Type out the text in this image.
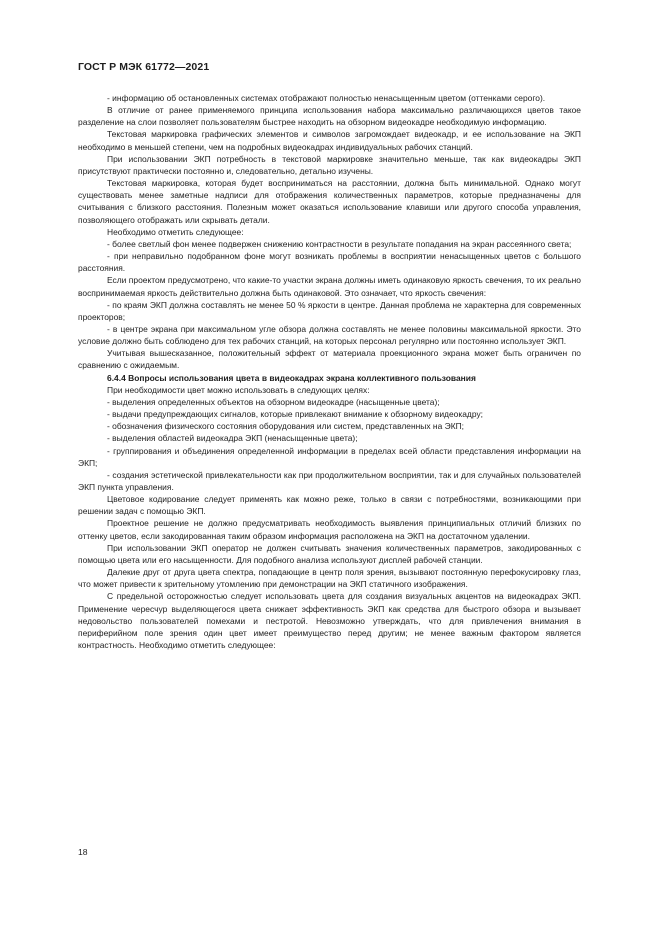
ГОСТ Р МЭК 61772—2021

- информацию об остановленных системах отображают полностью ненасыщенным цветом (оттенками серого).

В отличие от ранее применяемого принципа использования набора максимально различающихся цветов такое разделение на слои позволяет пользователям быстрее находить на обзорном видеокадре необходимую информацию.

Текстовая маркировка графических элементов и символов загромождает видеокадр, и ее использование на ЭКП необходимо в меньшей степени, чем на подробных видеокадрах индивидуальных рабочих станций.

При использовании ЭКП потребность в текстовой маркировке значительно меньше, так как видеокадры ЭКП присутствуют практически постоянно и, следовательно, детально изучены.

Текстовая маркировка, которая будет восприниматься на расстоянии, должна быть минимальной. Однако могут существовать менее заметные надписи для отображения количественных параметров, которые предназначены для считывания с близкого расстояния. Полезным может оказаться использование клавиши или другого способа управления, позволяющего отображать или скрывать детали.

Необходимо отметить следующее:

- более светлый фон менее подвержен снижению контрастности в результате попадания на экран рассеянного света;

- при неправильно подобранном фоне могут возникать проблемы в восприятии ненасыщенных цветов с большого расстояния.

Если проектом предусмотрено, что какие-то участки экрана должны иметь одинаковую яркость свечения, то их реально воспринимаемая яркость действительно должна быть одинаковой. Это означает, что яркость свечения:

- по краям ЭКП должна составлять не менее 50 % яркости в центре. Данная проблема не характерна для современных проекторов;

- в центре экрана при максимальном угле обзора должна составлять не менее половины максимальной яркости. Это условие должно быть соблюдено для тех рабочих станций, на которых персонал регулярно или постоянно использует ЭКП.

Учитывая вышесказанное, положительный эффект от материала проекционного экрана может быть ограничен по сравнению с ожидаемым.

6.4.4 Вопросы использования цвета в видеокадрах экрана коллективного пользования

При необходимости цвет можно использовать в следующих целях:

- выделения определенных объектов на обзорном видеокадре (насыщенные цвета);

- выдачи предупреждающих сигналов, которые привлекают внимание к обзорному видеокадру;

- обозначения физического состояния оборудования или систем, представленных на ЭКП;

- выделения областей видеокадра ЭКП (ненасыщенные цвета);

- группирования и объединения определенной информации в пределах всей области представления информации на ЭКП;

- создания эстетической привлекательности как при продолжительном восприятии, так и для случайных пользователей ЭКП пункта управления.

Цветовое кодирование следует применять как можно реже, только в связи с потребностями, возникающими при решении задач с помощью ЭКП.

Проектное решение не должно предусматривать необходимость выявления принципиальных отличий близких по оттенку цветов, если закодированная таким образом информация расположена на ЭКП на достаточном удалении.

При использовании ЭКП оператор не должен считывать значения количественных параметров, закодированных с помощью цвета или его насыщенности. Для подобного анализа используют дисплей рабочей станции.

Далекие друг от друга цвета спектра, попадающие в центр поля зрения, вызывают постоянную перефокусировку глаз, что может привести к зрительному утомлению при демонстрации на ЭКП статичного изображения.

С предельной осторожностью следует использовать цвета для создания визуальных акцентов на видеокадрах ЭКП. Применение чересчур выделяющегося цвета снижает эффективность ЭКП как средства для быстрого обзора и вызывает недовольство пользователей помехами и пестротой. Невозможно утверждать, что для привлечения внимания в периферийном поле зрения один цвет имеет преимущество перед другим; не менее важным фактором является контрастность. Необходимо отметить следующее:

18
